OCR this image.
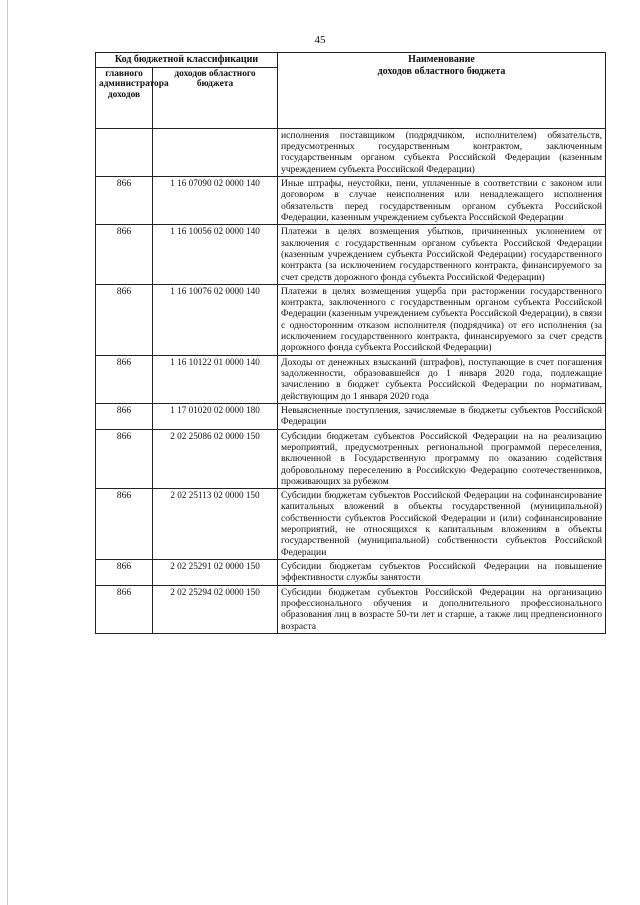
45
Код бюджетной классификации		Наименование
доходов областного бюджета
главного администратора доходов	доходов областного бюджета	
		исполнения поставщиком (подрядчиком, исполнителем) обязательств, предусмотренных государственным контрактом, заключенным государственным органом субъекта Российской Федерации (казенным учреждением субъекта Российской Федерации)
866	1 16 07090 02 0000 140	Иные штрафы, неустойки, пени, уплаченные в соответствии с законом или договором в случае неисполнения или ненадлежащего исполнения обязательств перед государственным органом субъекта Российской Федерации, казенным учреждением субъекта Российской Федерации
866	1 16 10056 02 0000 140	Платежи в целях возмещения убытков, причиненных уклонением от заключения с государственным органом субъекта Российской Федерации (казенным учреждением субъекта Российской Федерации) государственного контракта (за исключением государственного контракта, финансируемого за счет средств дорожного фонда субъекта Российской Федерации)
866	1 16 10076 02 0000 140	Платежи в целях возмещения ущерба при расторжении государственного контракта, заключенного с государственным органом субъекта Российской Федерации (казенным учреждением субъекта Российской Федерации), в связи с односторонним отказом исполнителя (подрядчика) от его исполнения (за исключением государственного контракта, финансируемого за счет средств дорожного фонда субъекта Российской Федерации)
866	1 16 10122 01 0000 140	Доходы от денежных взысканий (штрафов), поступающие в счет погашения задолженности, образовавшейся до 1 января 2020 года, подлежащие зачислению в бюджет субъекта Российской Федерации по нормативам, действующим до 1 января 2020 года
866	1 17 01020 02 0000 180	Невыясненные поступления, зачисляемые в бюджеты субъектов Российской Федерации
866	2 02 25086 02 0000 150	Субсидии бюджетам субъектов Российской Федерации на на реализацию мероприятий, предусмотренных региональной программой переселения, включенной в Государственную программу по оказанию содействия добровольному переселению в Российскую Федерацию соотечественников, проживающих за рубежом
866	2 02 25113 02 0000 150	Субсидии бюджетам субъектов Российской Федерации на софинансирование капитальных вложений в объекты государственной (муниципальной) собственности субъектов Российской Федерации и (или) софинансирование мероприятий, не относящихся к капитальным вложениям в объекты государственной (муниципальной) собственности субъектов Российской Федерации
866	2 02 25291 02 0000 150	Субсидии бюджетам субъектов Российской Федерации на повышение эффективности службы занятости
866	2 02 25294 02 0000 150	Субсидии бюджетам субъектов Российской Федерации на организацию профессионального обучения и дополнительного профессионального образования лиц в возрасте 50-ти лет и старше, а также лиц предпенсионного возраста
